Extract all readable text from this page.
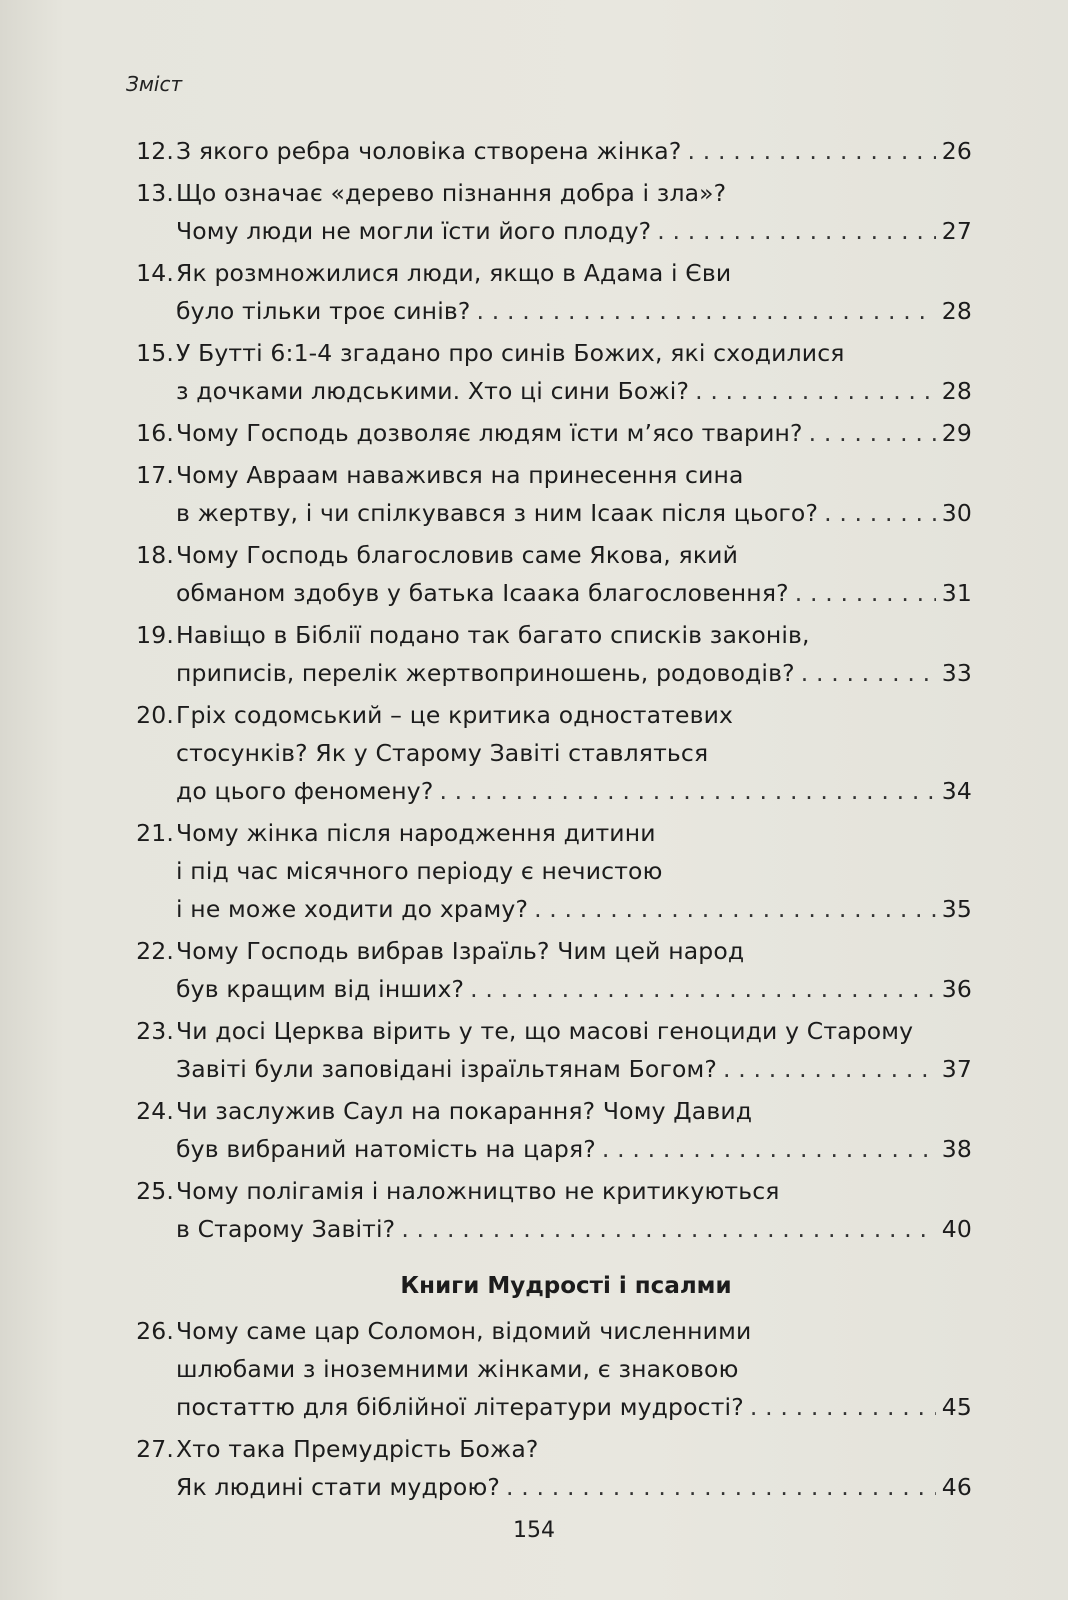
Зміст
12. З якого ребра чоловіка створена жінка? . . .	26
13. Що означає «дерево пізнання добра і зла»?
Чому люди не могли їсти його плоду? . . .	27
14. Як розмножилися люди, якщо в Адама і Єви
було тільки троє синів? . . .	28
15. У Бутті 6:1-4 згадано про синів Божих, які сходилися
з дочками людськими. Хто ці сини Божі? . . .	28
16. Чому Господь дозволяє людям їсти м’ясо тварин? . . .	29
17. Чому Авраам наважився на принесення сина
в жертву, і чи спілкувався з ним Ісаак після цього? . . .	30
18. Чому Господь благословив саме Якова, який
обманом здобув у батька Ісаака благословення? . . .	31
19. Навіщо в Біблії подано так багато списків законів,
приписів, перелік жертвоприношень, родоводів? . . .	33
20. Гріх содомський – це критика одностатевих
стосунків? Як у Старому Завіті ставляться
до цього феномену? . . .	34
21. Чому жінка після народження дитини
і під час місячного періоду є нечистою
і не може ходити до храму? . . .	35
22. Чому Господь вибрав Ізраїль? Чим цей народ
був кращим від інших? . . .	36
23. Чи досі Церква вірить у те, що масові геноциди у Старому
Завіті були заповідані ізраїльтянам Богом? . . .	37
24. Чи заслужив Саул на покарання? Чому Давид
був вибраний натомість на царя? . . .	38
25. Чому полігамія і наложництво не критикуються
в Старому Завіті? . . .	40
Книги Мудрості і псалми
26. Чому саме цар Соломон, відомий численними
шлюбами з іноземними жінками, є знаковою
постаттю для біблійної літератури мудрості? . . .	45
27. Хто така Премудрість Божа?
Як людині стати мудрою? . . .	46
154
